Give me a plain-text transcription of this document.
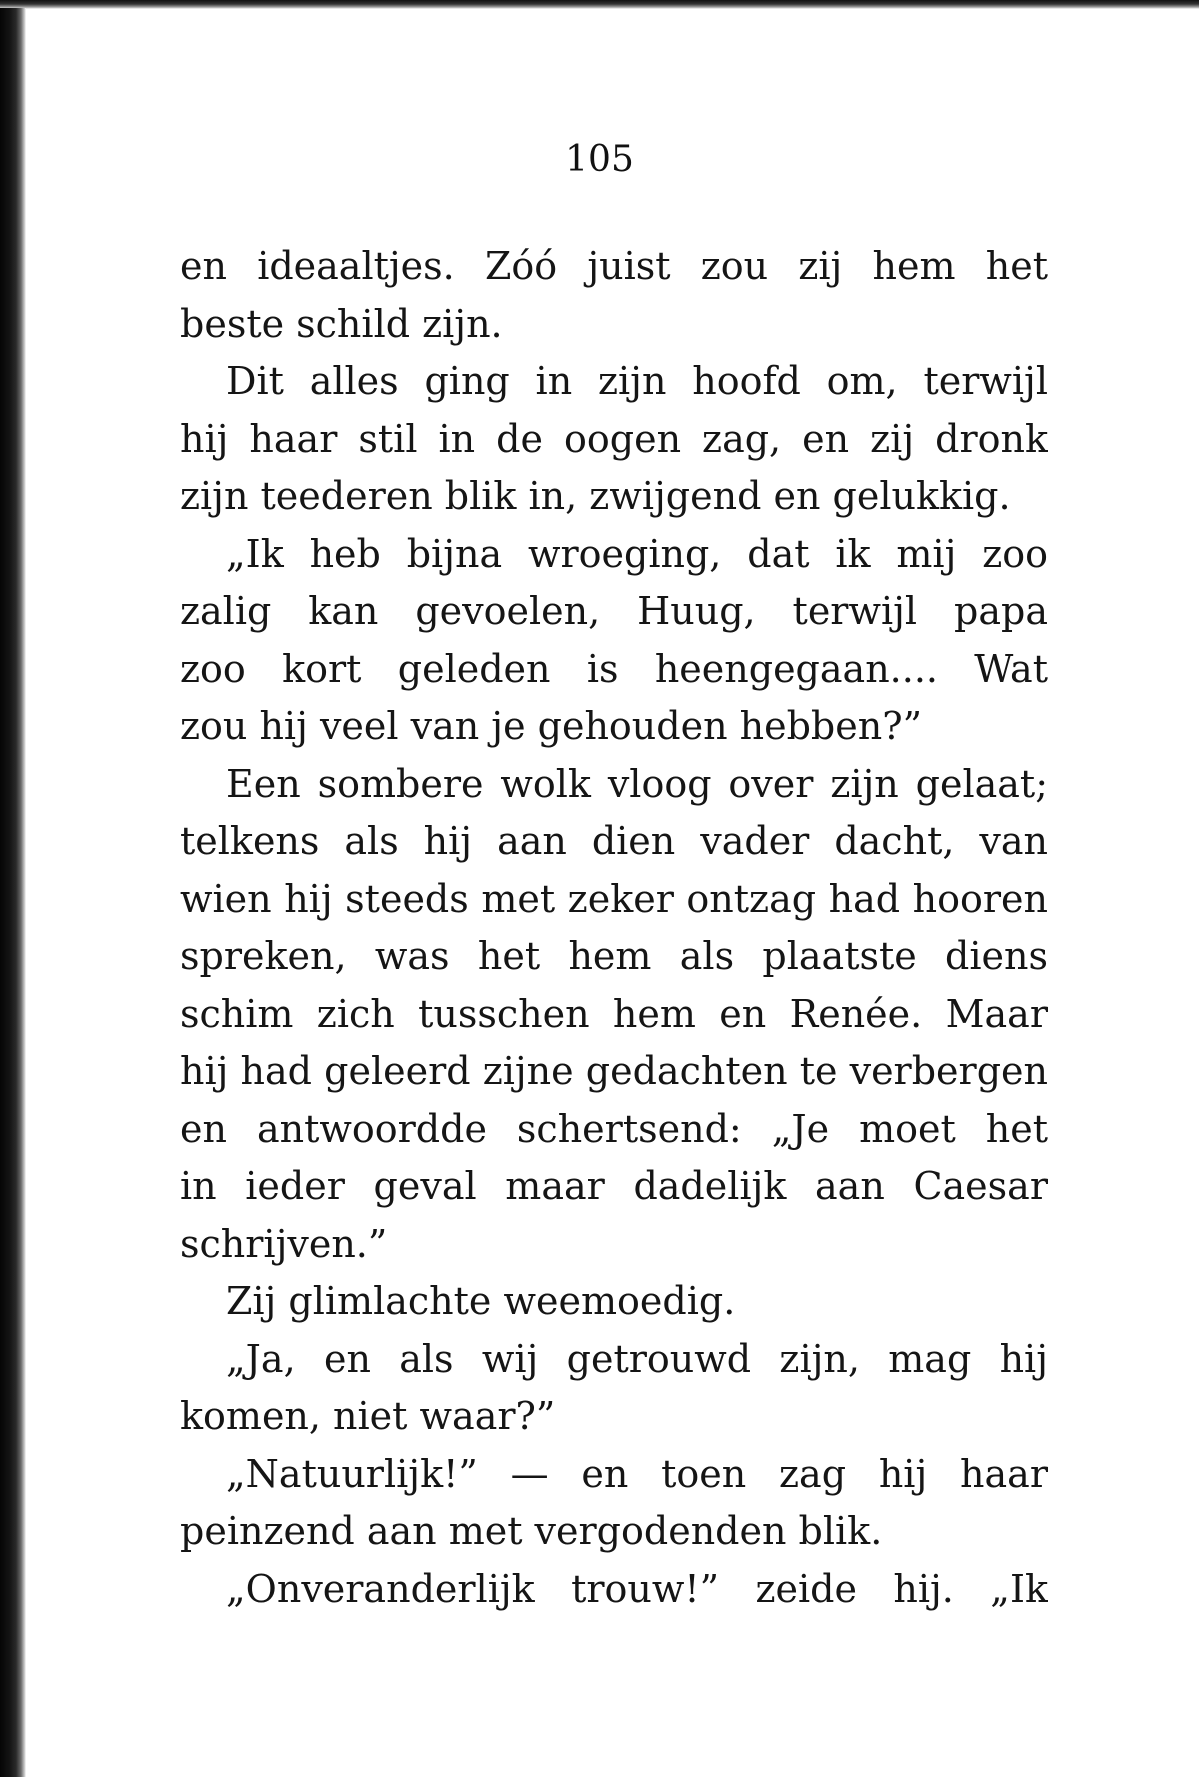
105
en ideaaltjes. Zóó juist zou zij hem het
beste schild zijn.
Dit alles ging in zijn hoofd om, terwijl
hij haar stil in de oogen zag, en zij dronk
zijn teederen blik in, zwijgend en gelukkig.
„Ik heb bijna wroeging, dat ik mij zoo
zalig kan gevoelen, Huug, terwijl papa
zoo kort geleden is heengegaan.... Wat
zou hij veel van je gehouden hebben?”
Een sombere wolk vloog over zijn gelaat;
telkens als hij aan dien vader dacht, van
wien hij steeds met zeker ontzag had hooren
spreken, was het hem als plaatste diens
schim zich tusschen hem en Renée. Maar
hij had geleerd zijne gedachten te verbergen
en antwoordde schertsend: „Je moet het
in ieder geval maar dadelijk aan Caesar
schrijven.”
Zij glimlachte weemoedig.
„Ja, en als wij getrouwd zijn, mag hij
komen, niet waar?”
„Natuurlijk!” — en toen zag hij haar
peinzend aan met vergodenden blik.
„Onveranderlijk trouw!” zeide hij. „Ik
